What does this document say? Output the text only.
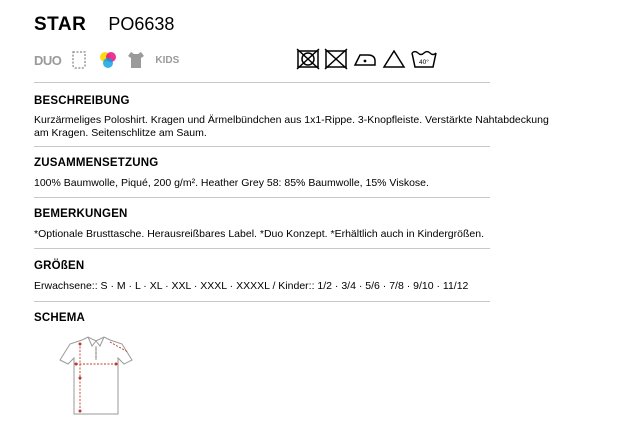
STAR PO6638
DUO	KIDS	40°
BESCHREIBUNG

Kurzärmeliges Poloshirt. Kragen und Ärmelbündchen aus 1x1-Rippe. 3-Knopfleiste. Verstärkte Nahtabdeckung

am Kragen. Seitenschlitze am Saum.

ZUSAMMENSETZUNG

100% Baumwolle, Piqué, 200 g/m². Heather Grey 58: 85% Baumwolle, 15% Viskose.

BEMERKUNGEN

*Optionale Brusttasche. Herausreißbares Label. *Duo Konzept. *Erhältlich auch in Kindergrößen.

GRÖßEN

Erwachsene:: S · M · L · XL · XXL · XXXL · XXXXL / Kinder:: 1/2 · 3/4 · 5/6 · 7/8 · 9/10 · 11/12

SCHEMA
